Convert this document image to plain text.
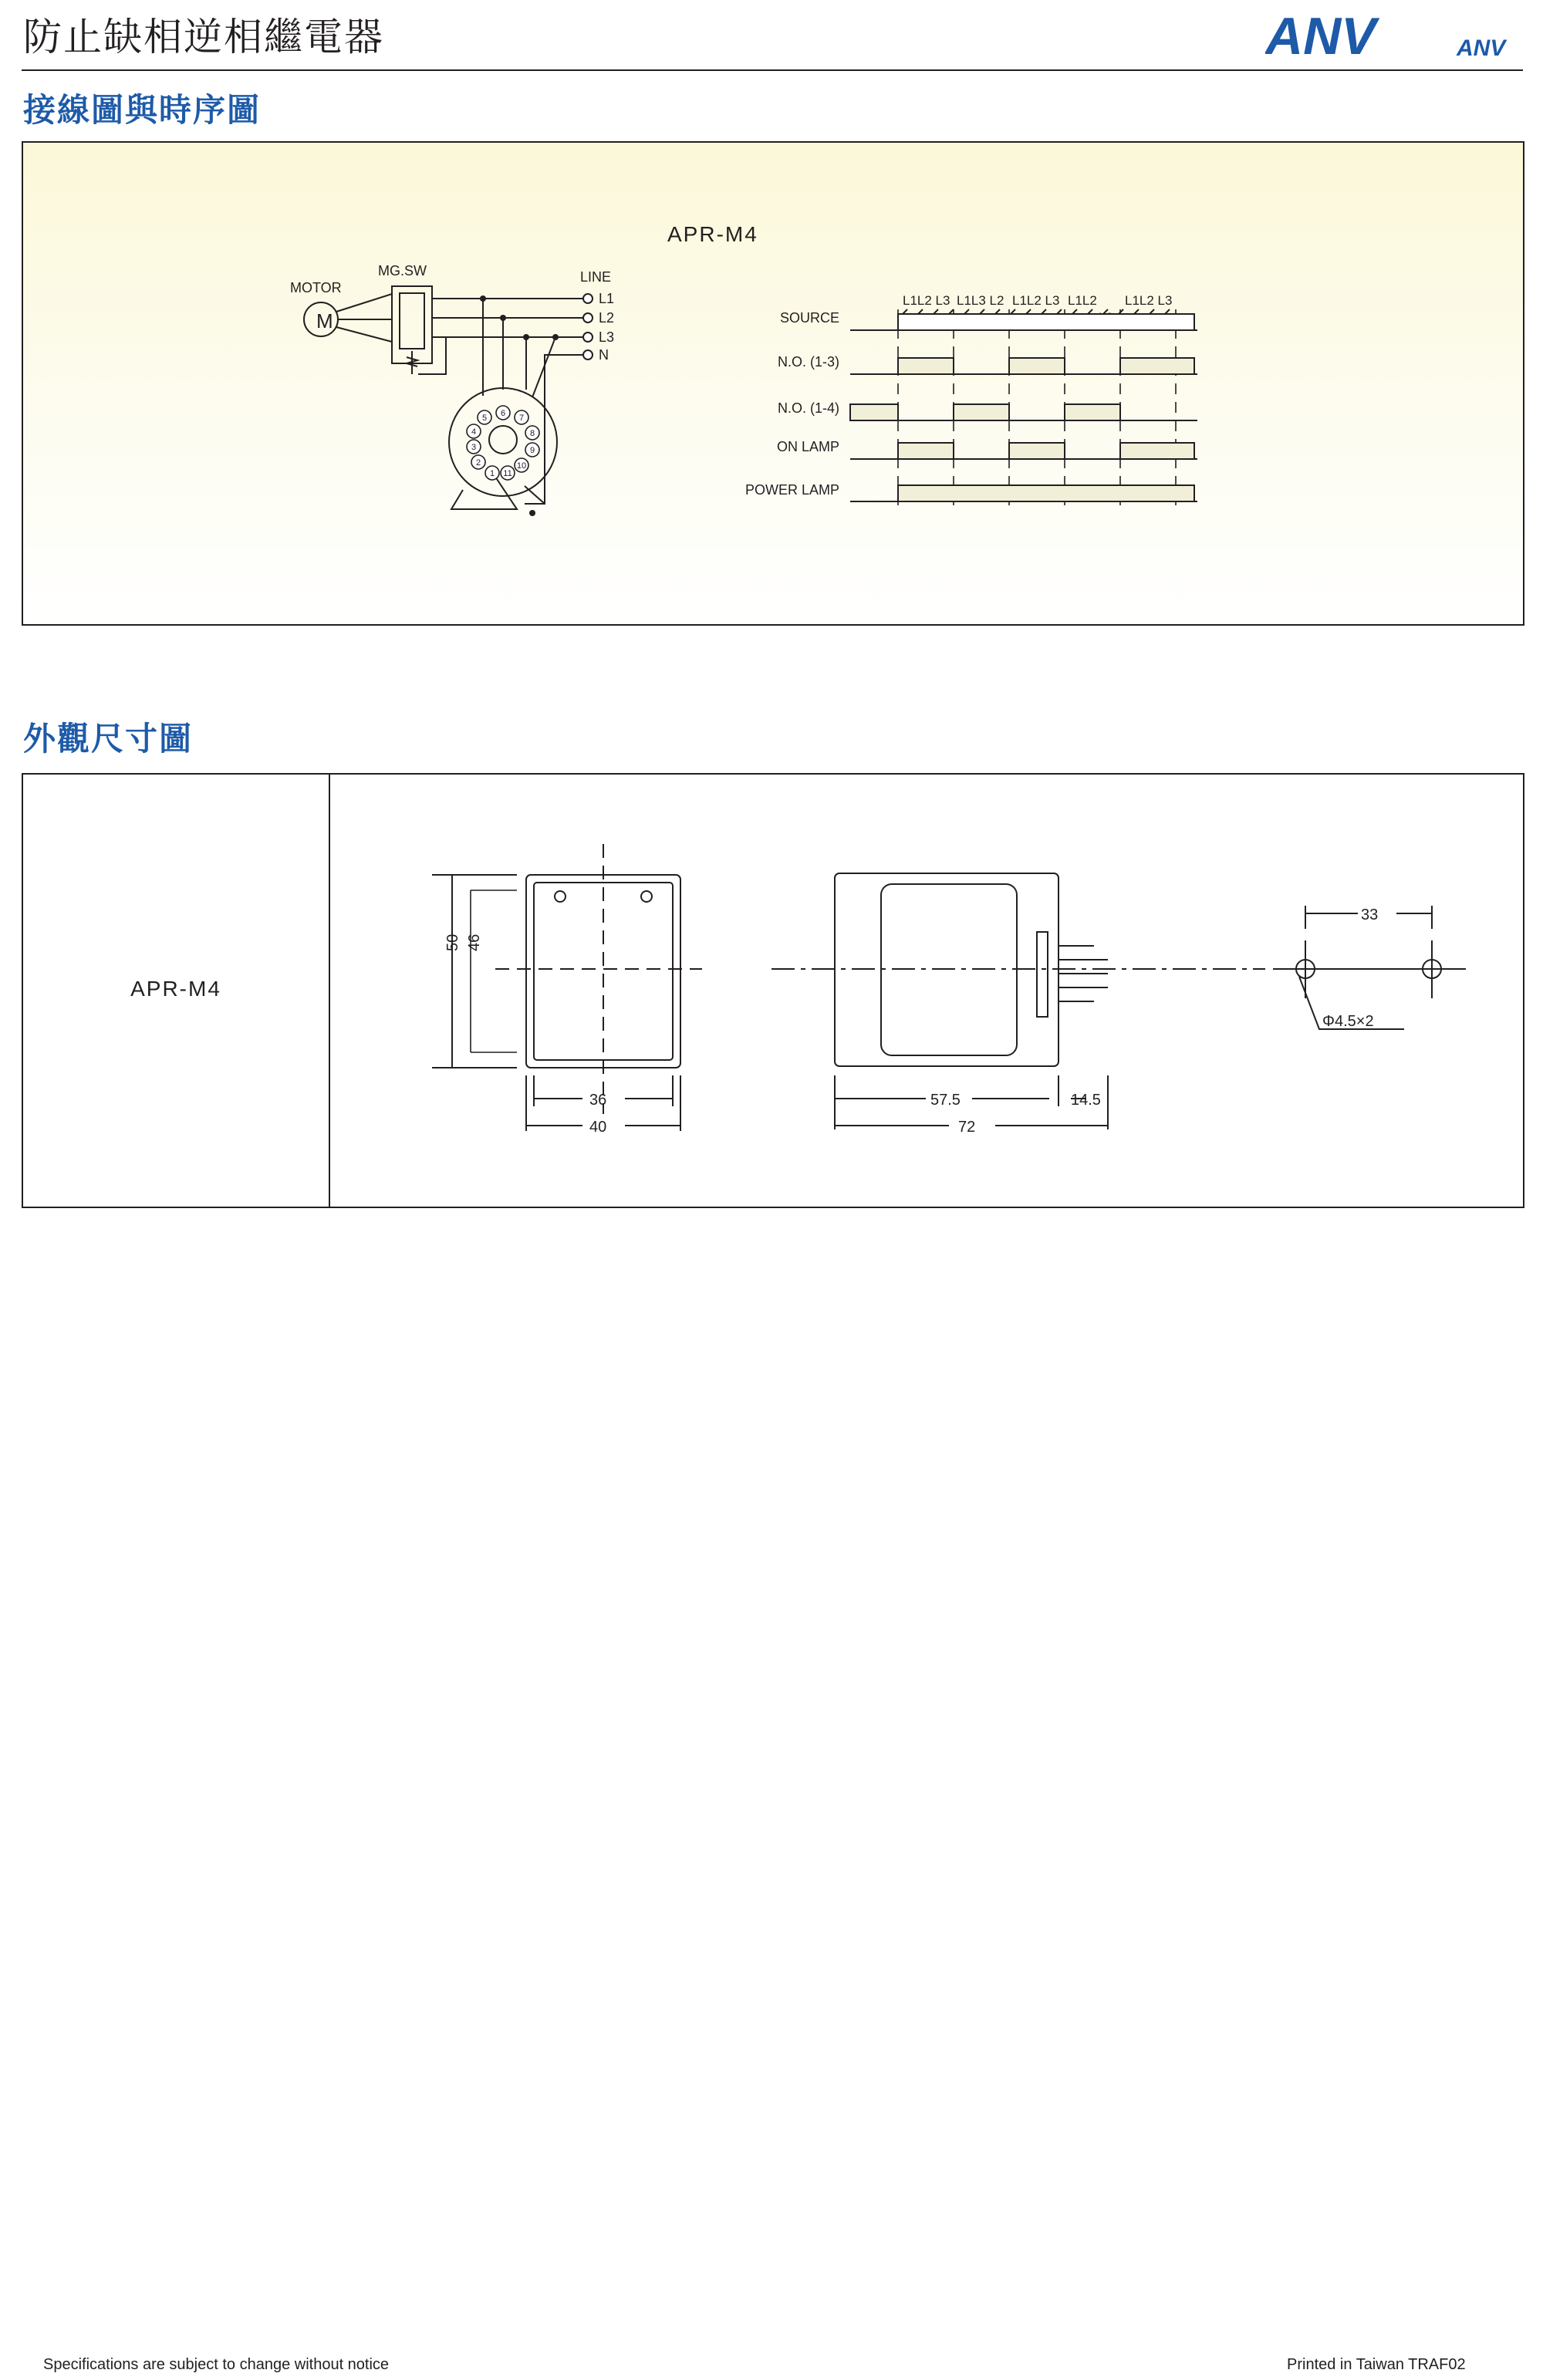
防止缺相逆相繼電器	ANV	ANV
接線圖與時序圖
APR-M4
M
MOTOR
MG.SW	LINE
L1
L2
L3
N
5 6 7
8
9
10
11
1
2
3
4
SOURCE
N.O. (1-3)
N.O. (1-4)
ON LAMP
POWER LAMP
L1L2 L3 L1L3 L2 L1L2 L3 L1L2 L1L2 L3
外觀尺寸圖
APR-M4
50 46
36
40
57.5	14.5
72
33
Φ4.5×2
Specifications are subject to change without notice	Printed in Taiwan TRAF02
